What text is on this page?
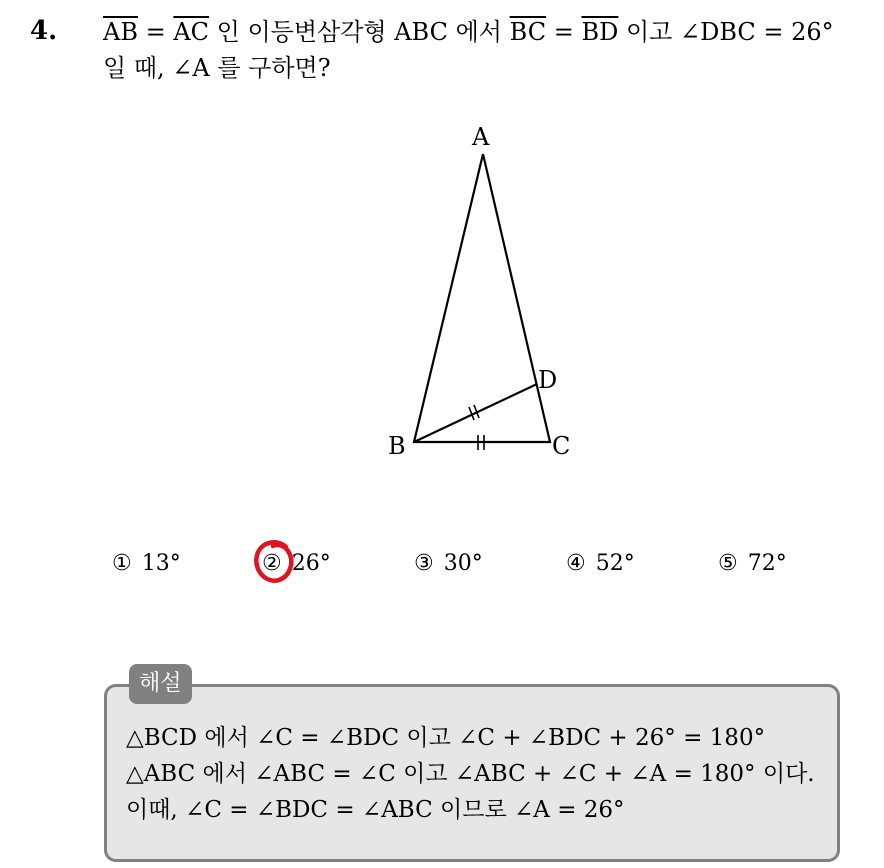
4. $\overline{AB} = \overline{AC}$ 인 이등변삼각형 ABC 에서 $\overline{BC} = \overline{BD}$ 이고 ∠DBC = 26°
일 때, ∠A 를 구하면?
A
B	C
D
① 13°	② 26°	③ 30°	④ 52°	⑤ 72°
해설
△BCD 에서 ∠C = ∠BDC 이고 ∠C + ∠BDC + 26° = 180°
△ABC 에서 ∠ABC = ∠C 이고 ∠ABC + ∠C + ∠A = 180° 이다.
이때, ∠C = ∠BDC = ∠ABC 이므로 ∠A = 26°
